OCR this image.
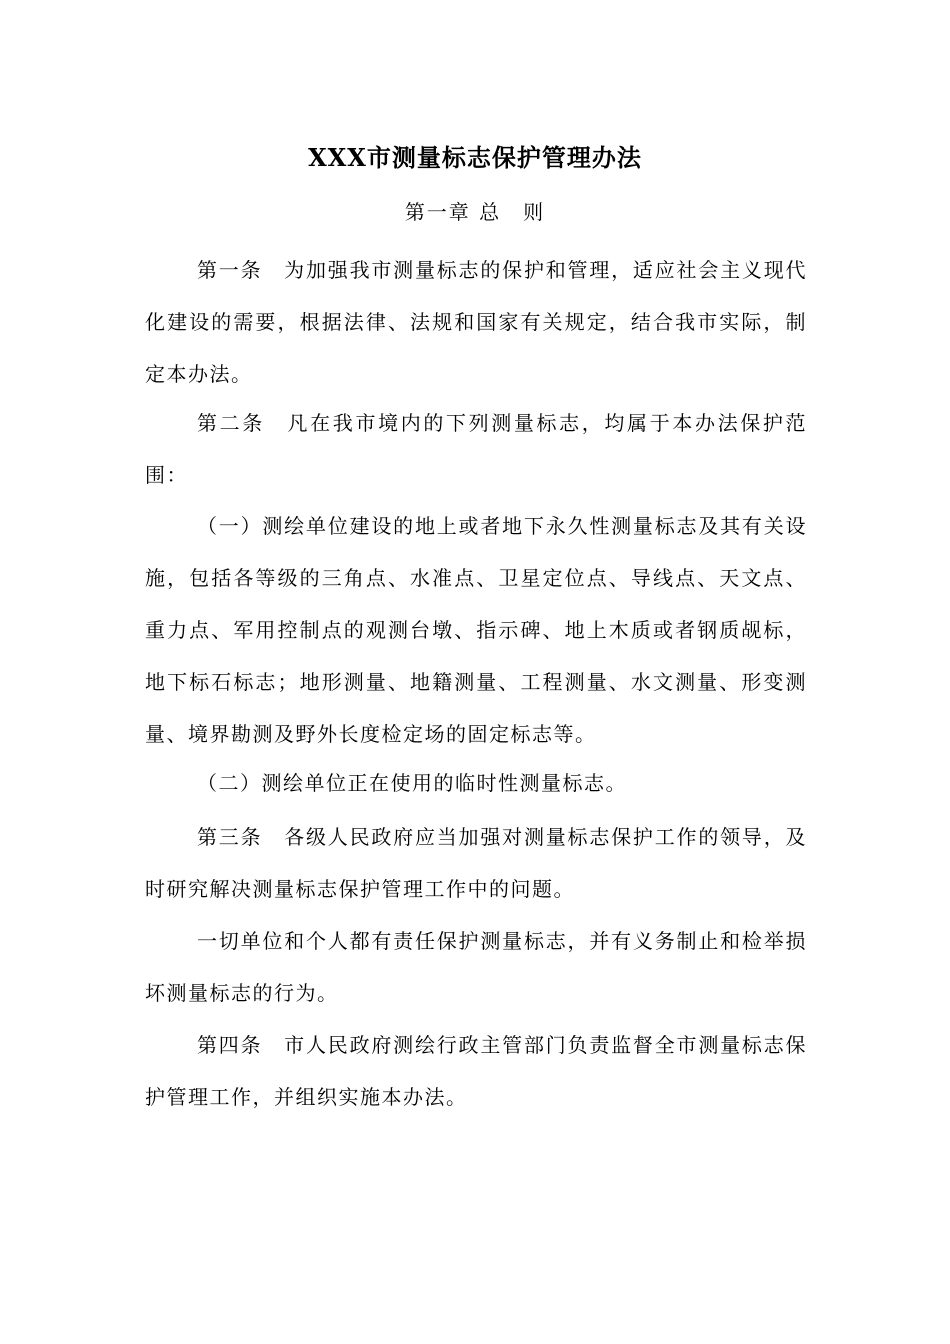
XXX市测量标志保护管理办法
第一章 总　则

第一条　为加强我市测量标志的保护和管理，适应社会主义现代化建设的需要，根据法律、法规和国家有关规定，结合我市实际，制定本办法。

第二条　凡在我市境内的下列测量标志，均属于本办法保护范围：

（一）测绘单位建设的地上或者地下永久性测量标志及其有关设施，包括各等级的三角点、水准点、卫星定位点、导线点、天文点、重力点、军用控制点的观测台墩、指示碑、地上木质或者钢质觇标，地下标石标志；地形测量、地籍测量、工程测量、水文测量、形变测量、境界勘测及野外长度检定场的固定标志等。

（二）测绘单位正在使用的临时性测量标志。

第三条　各级人民政府应当加强对测量标志保护工作的领导，及时研究解决测量标志保护管理工作中的问题。

一切单位和个人都有责任保护测量标志，并有义务制止和检举损坏测量标志的行为。

第四条　市人民政府测绘行政主管部门负责监督全市测量标志保护管理工作，并组织实施本办法。
